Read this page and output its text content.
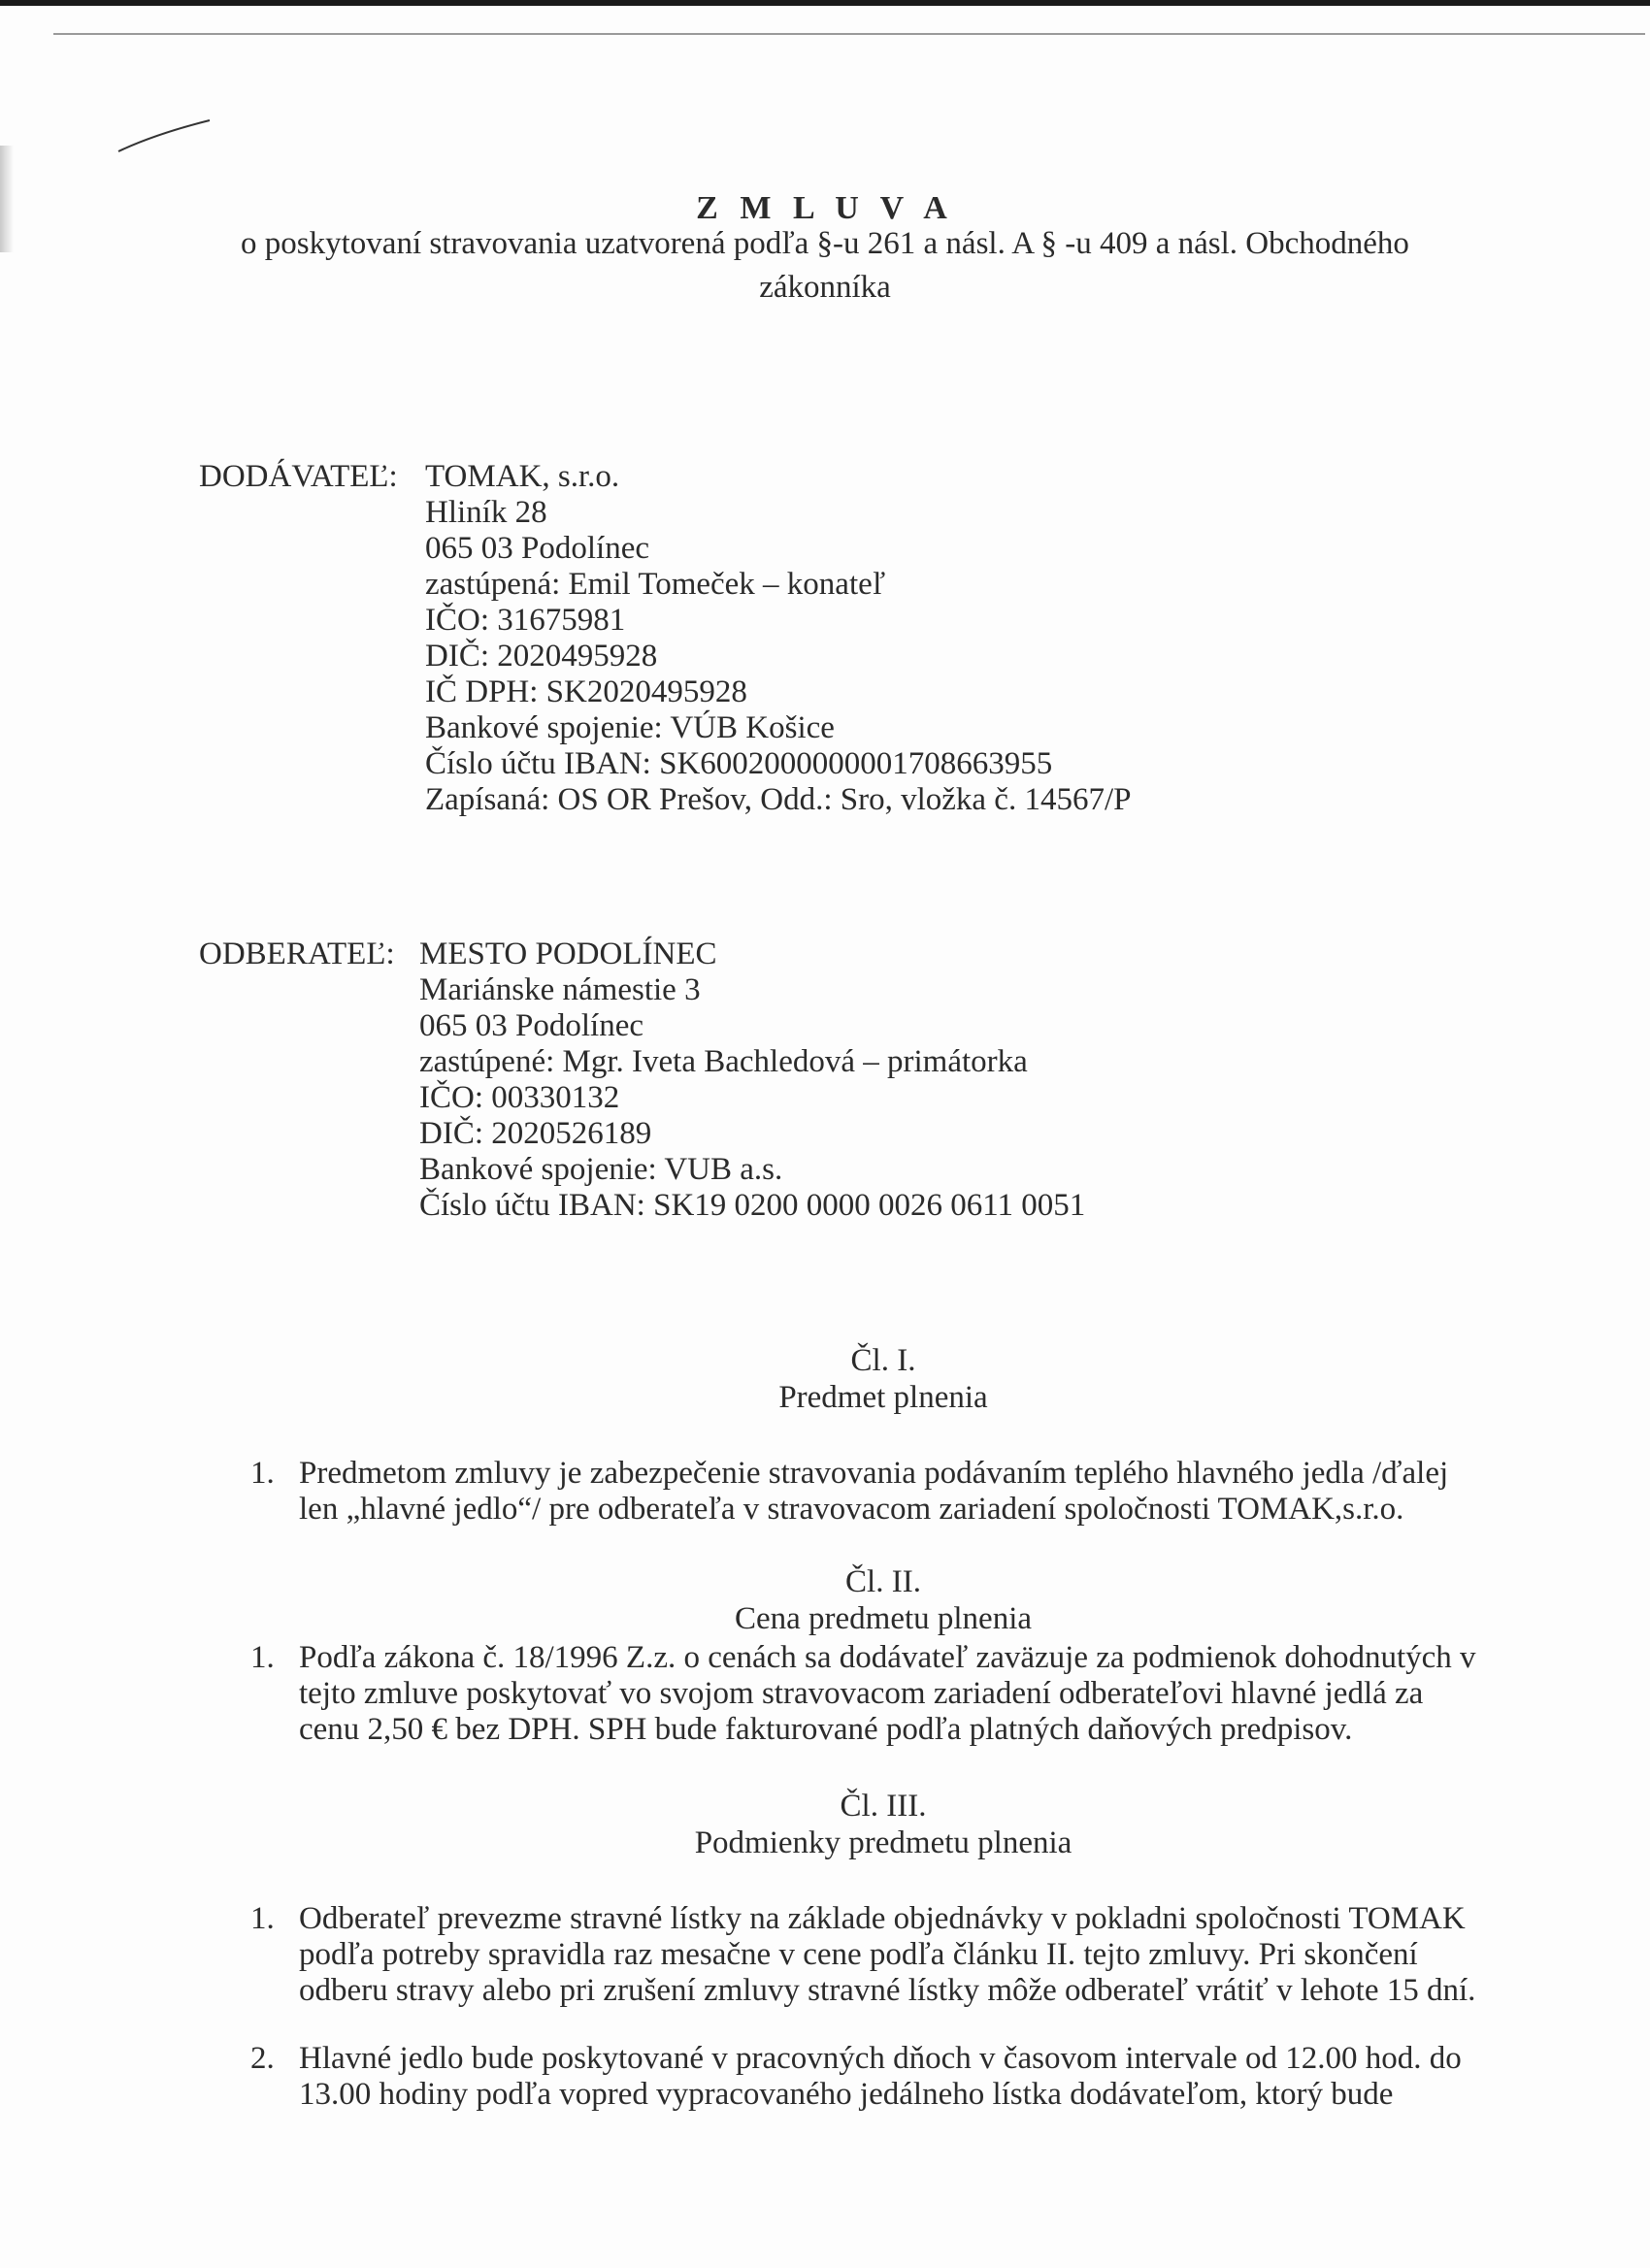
Z M L U V A
o poskytovaní stravovania uzatvorená podľa §-u 261 a násl. A § -u 409 a násl. Obchodného
zákonníka
DODÁVATEĽ: TOMAK, s.r.o.
Hliník 28
065 03 Podolínec
zastúpená: Emil Tomeček – konateľ
IČO: 31675981
DIČ: 2020495928
IČ DPH: SK2020495928
Bankové spojenie: VÚB Košice
Číslo účtu IBAN: SK6002000000001708663955
Zapísaná: OS OR Prešov, Odd.: Sro, vložka č. 14567/P
ODBERATEĽ: MESTO PODOLÍNEC
Mariánske námestie 3
065 03 Podolínec
zastúpené: Mgr. Iveta Bachledová – primátorka
IČO: 00330132
DIČ: 2020526189
Bankové spojenie: VUB a.s.
Číslo účtu IBAN: SK19 0200 0000 0026 0611 0051
Čl. I.
Predmet plnenia
1. Predmetom zmluvy je zabezpečenie stravovania podávaním teplého hlavného jedla /ďalej
len „hlavné jedlo“/ pre odberateľa v stravovacom zariadení spoločnosti TOMAK,s.r.o.
Čl. II.
Cena predmetu plnenia
1. Podľa zákona č. 18/1996 Z.z. o cenách sa dodávateľ zaväzuje za podmienok dohodnutých v
tejto zmluve poskytovať vo svojom stravovacom zariadení odberateľovi hlavné jedlá za
cenu 2,50 € bez DPH. SPH bude fakturované podľa platných daňových predpisov.
Čl. III.
Podmienky predmetu plnenia
1. Odberateľ prevezme stravné lístky na základe objednávky v pokladni spoločnosti TOMAK
podľa potreby spravidla raz mesačne v cene podľa článku II. tejto zmluvy. Pri skončení
odberu stravy alebo pri zrušení zmluvy stravné lístky môže odberateľ vrátiť v lehote 15 dní.
2. Hlavné jedlo bude poskytované v pracovných dňoch v časovom intervale od 12.00 hod. do
13.00 hodiny podľa vopred vypracovaného jedálneho lístka dodávateľom, ktorý bude
